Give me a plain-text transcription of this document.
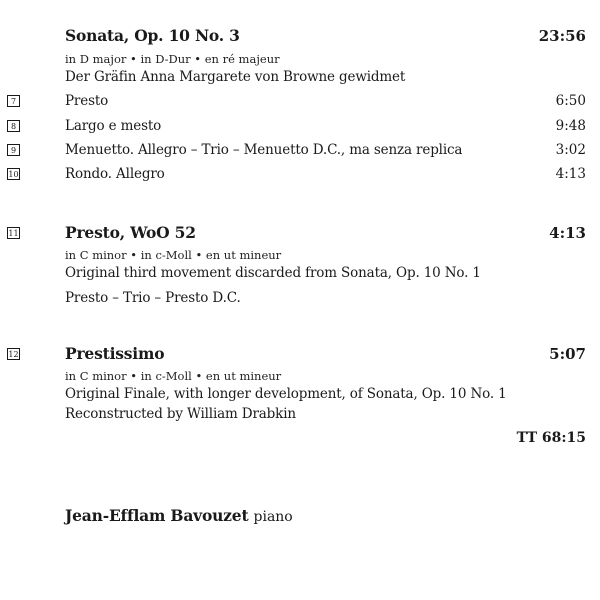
Sonata, Op. 10 No. 3	23:56
in D major • in D-Dur • en ré majeur
Der Gräfin Anna Margarete von Browne gewidmet
7	Presto	6:50
8	Largo e mesto	9:48
9	Menuetto. Allegro – Trio – Menuetto D.C., ma senza replica	3:02
10	Rondo. Allegro	4:13
11	Presto, WoO 52	4:13
in C minor • in c-Moll • en ut mineur
Original third movement discarded from Sonata, Op. 10 No. 1
Presto – Trio – Presto D.C.
12	Prestissimo	5:07
in C minor • in c-Moll • en ut mineur
Original Finale, with longer development, of Sonata, Op. 10 No. 1
Reconstructed by William Drabkin
TT 68:15
Jean-Efflam Bavouzet piano
